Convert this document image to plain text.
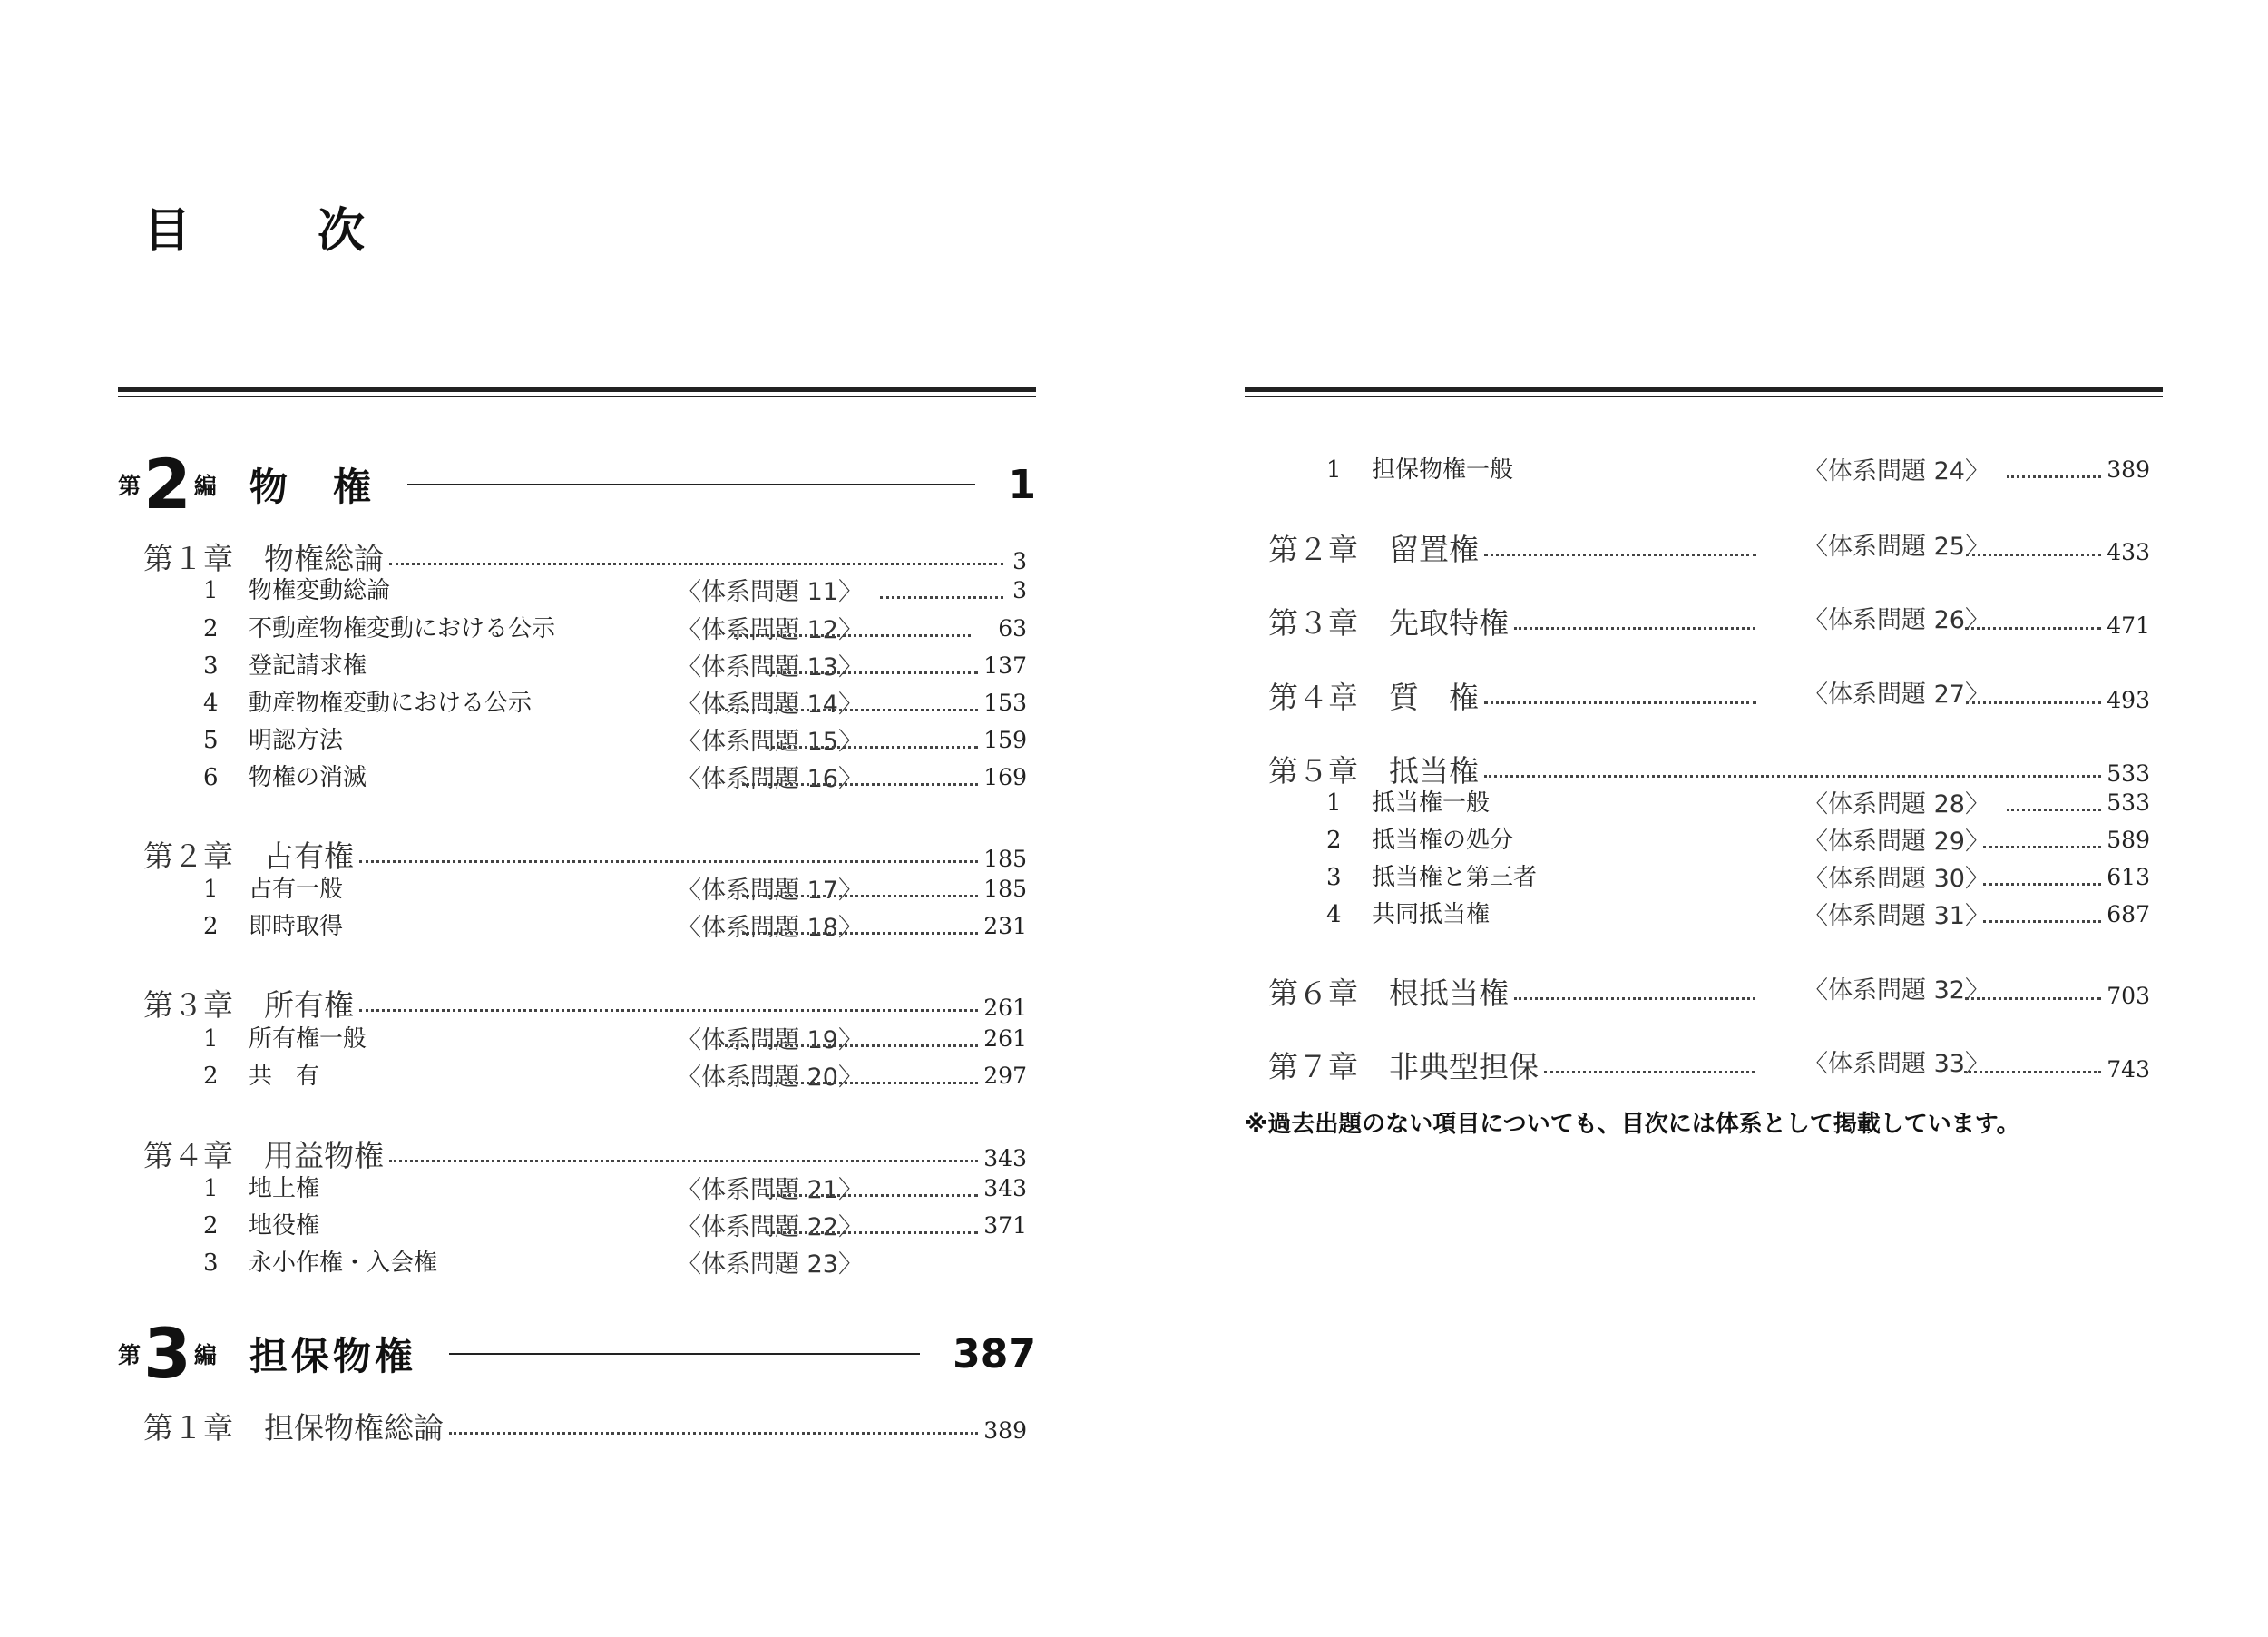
目　次
第 2 編 物　権	1
第１章 物権総論	3
1 物権変動総論	〈体系問題 11〉	3
2 不動産物権変動における公示	〈体系問題 12〉	63
3 登記請求権	〈体系問題 13〉	137
4 動産物権変動における公示	〈体系問題 14〉	153
5 明認方法	〈体系問題 15〉	159
6 物権の消滅	〈体系問題 16〉	169
第２章 占有権	185
1 占有一般	〈体系問題 17〉	185
2 即時取得	〈体系問題 18〉	231
第３章 所有権	261
1 所有権一般	〈体系問題 19〉	261
2 共　有	〈体系問題 20〉	297
第４章 用益物権	343
1 地上権	〈体系問題 21〉	343
2 地役権	〈体系問題 22〉	371
3 永小作権・入会権	〈体系問題 23〉
第 3 編 担保物権	387
第１章 担保物権総論	389
1 担保物権一般	〈体系問題 24〉	389
第２章 留置権	〈体系問題 25〉	433
第３章 先取特権	〈体系問題 26〉	471
第４章 質　権	〈体系問題 27〉	493
第５章 抵当権	533
1 抵当権一般	〈体系問題 28〉	533
2 抵当権の処分	〈体系問題 29〉	589
3 抵当権と第三者	〈体系問題 30〉	613
4 共同抵当権	〈体系問題 31〉	687
第６章 根抵当権	〈体系問題 32〉	703
第７章 非典型担保	〈体系問題 33〉	743
※過去出題のない項目についても、目次には体系として掲載しています。
